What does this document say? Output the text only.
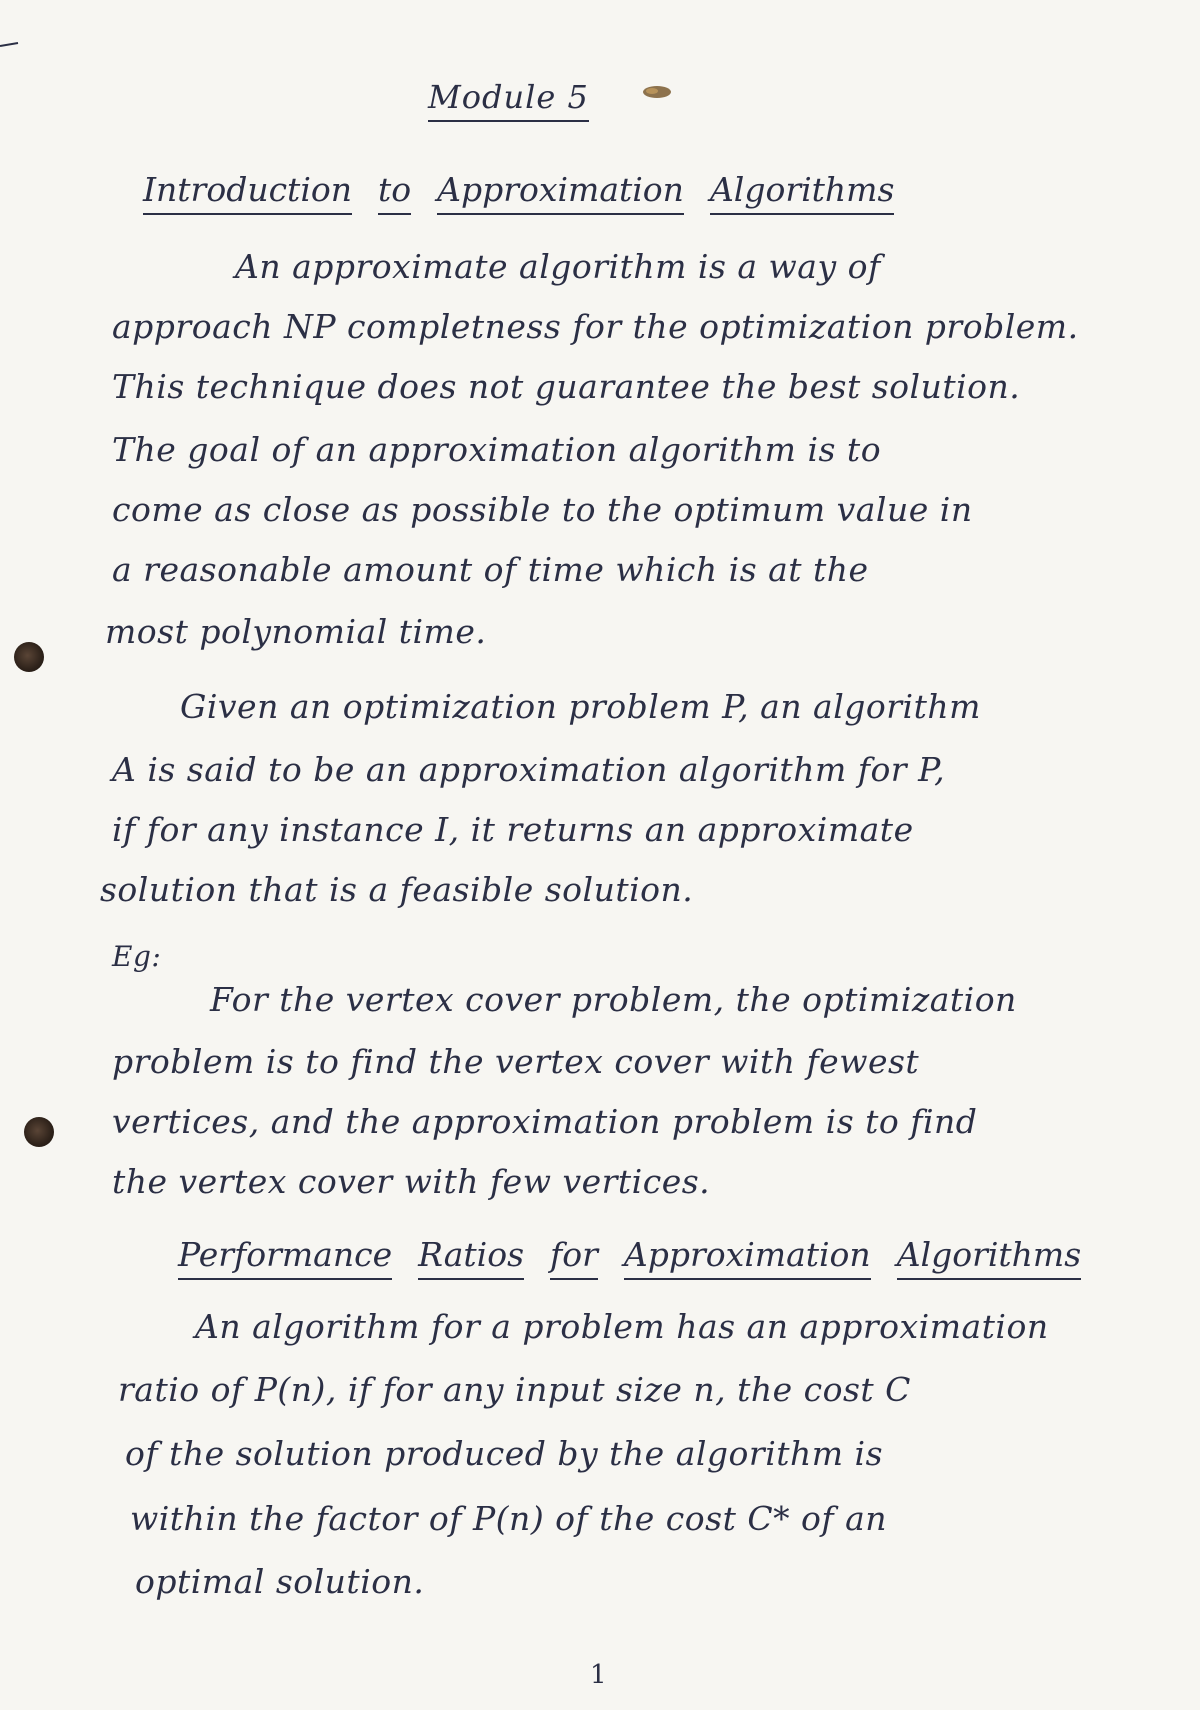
Module 5
Introduction to Approximation Algorithms
An approximate algorithm is a way of
approach NP completness for the optimization problem.
This technique does not guarantee the best solution.
The goal of an approximation algorithm is to
come as close as possible to the optimum value in
a reasonable amount of time which is at the
most polynomial time.
Given an optimization problem P, an algorithm
A is said to be an approximation algorithm for P,
if for any instance I, it returns an approximate
solution that is a feasible solution.
Eg:
For the vertex cover problem, the optimization
problem is to find the vertex cover with fewest
vertices, and the approximation problem is to find
the vertex cover with few vertices.
Performance Ratios for Approximation Algorithms
An algorithm for a problem has an approximation
ratio of P(n), if for any input size n, the cost C
of the solution produced by the algorithm is
within the factor of P(n) of the cost C* of an
optimal solution.
1
